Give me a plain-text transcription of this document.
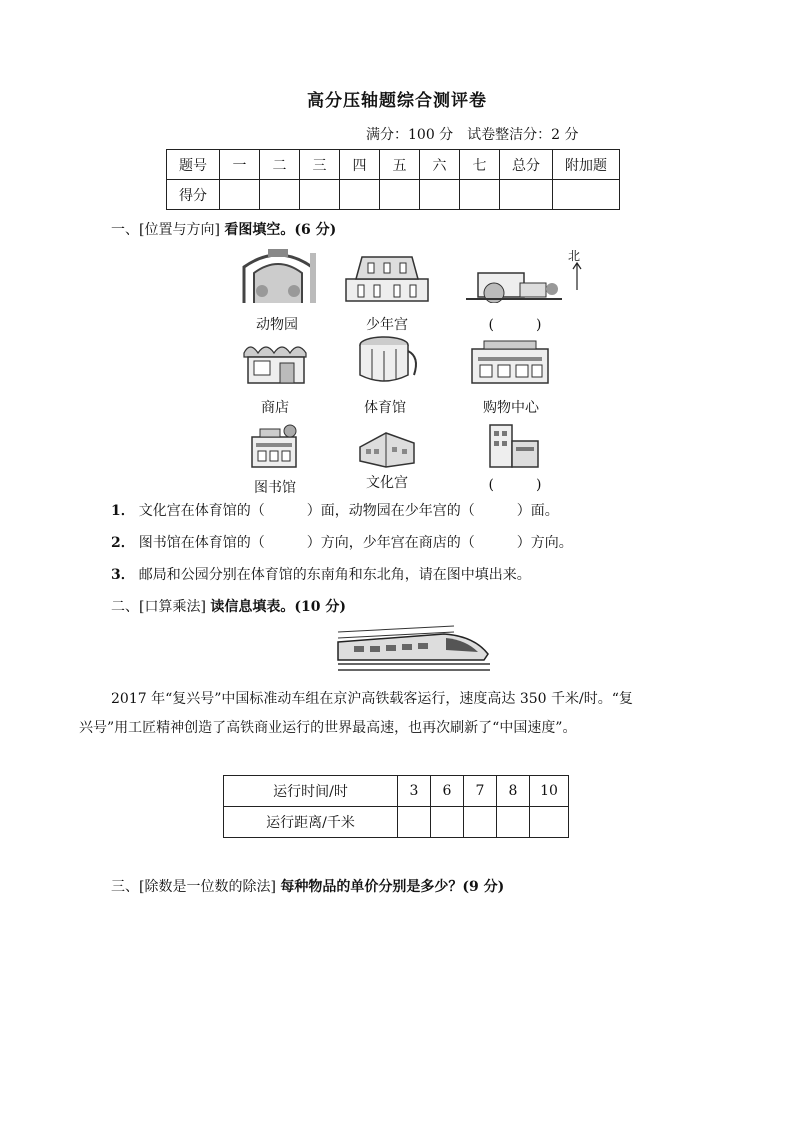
高分压轴题综合测评卷
满分：100 分　试卷整洁分：2 分
题号	一	二	三	四	五	六	七	总分	附加题
得分									
一、[位置与方向] 看图填空。(6 分)
北
动物园	少年宫	(　　　)
商店	体育馆	购物中心
图书馆	文化宫	(　　　)
1． 文化宫在体育馆的（　　　）面，动物园在少年宫的（　　　）面。
2． 图书馆在体育馆的（　　　）方向，少年宫在商店的（　　　）方向。
3． 邮局和公园分别在体育馆的东南角和东北角，请在图中填出来。
二、[口算乘法] 读信息填表。(10 分)
2017 年“复兴号”中国标准动车组在京沪高铁载客运行，速度高达 350 千米/时。“复
兴号”用工匠精神创造了高铁商业运行的世界最高速，也再次刷新了“中国速度”。
运行时间/时	3	6	7	8	10
运行距离/千米					
三、[除数是一位数的除法] 每种物品的单价分别是多少？(9 分)
